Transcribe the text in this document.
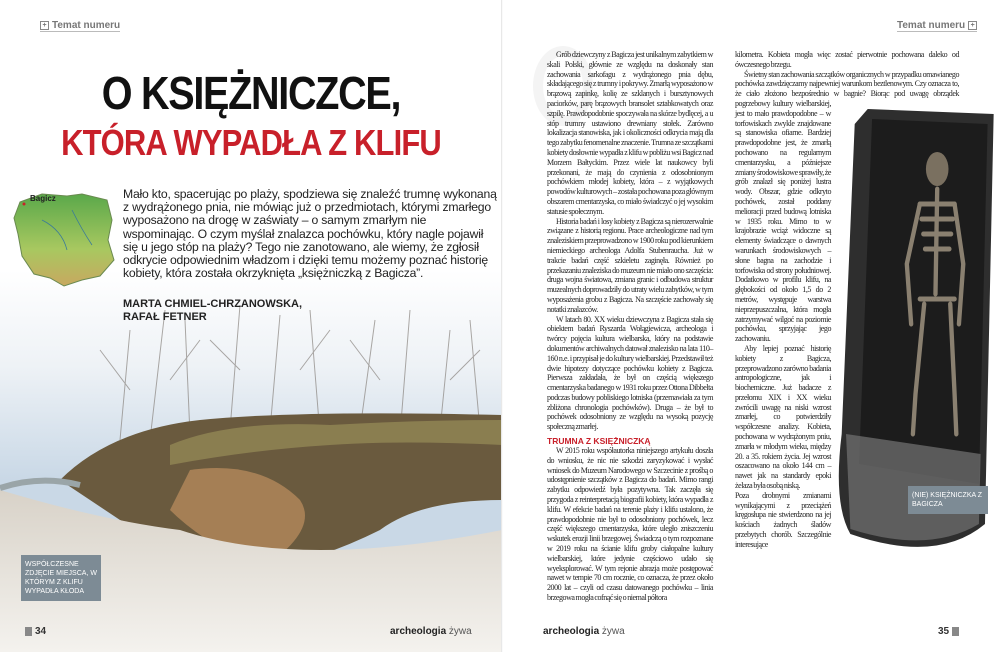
+ Temat numeru
O KSIĘŻNICZCE,
KTÓRA WYPADŁA Z KLIFU
Bagicz	Mało kto, spacerując po plaży, spodziewa się znaleźć trumnę wykonaną z wydrążonego pnia, nie mówiąc już o przedmiotach, którymi zmarłego wyposażono na drogę w zaświaty – o samym zmarłym nie wspominając. O czym myślał znalazca pochówku, który nagle pojawił się u jego stóp na plaży? Tego nie zanotowano, ale wiemy, że zgłosił odkrycie odpowiednim władzom i dzięki temu możemy poznać historię kobiety, która została okrzyknięta „księżniczką z Bagicza”.

MARTA CHMIEL-CHRZANOWSKA,
RAFAŁ FETNER
WSPÓŁCZESNE ZDJĘCIE MIEJSCA, W KTÓRYM Z KLIFU WYPADŁA KŁODA
34	archeologia żywa
Temat numeru +

Grób dziewczyny z Bagicza jest unikalnym zabytkiem w skali Polski, głównie ze względu na doskonały stan zachowania sarkofagu z wydrążonego pnia dębu, składającego się z trumny i pokrywy. Zmarłą wyposażono w brązową zapinkę, kolię ze szklanych i bursztynowych paciorków, parę brązowych bransolet sztabkowatych oraz szpilę. Prawdopodobnie spoczywała na skórze bydlęcej, a u stóp trumny ustawiono drewniany stołek. Zarówno lokalizacja stanowiska, jak i okoliczności odkrycia mają dla tego zabytku fenomenalne znaczenie. Trumna ze szczątkami kobiety dosłownie wypadła z klifu w pobliżu wsi Bagicz nad Morzem Bałtyckim. Przez wiele lat naukowcy byli przekonani, że mają do czynienia z odosobnionym pochówkiem młodej kobiety, która – z wyjątkowych powodów kulturowych – została pochowana poza głównym obszarem cmentarzyska, co miało świadczyć o jej wysokim statusie społecznym.

Historia badań i losy kobiety z Bagicza są nierozerwalnie związane z historią regionu. Prace archeologiczne nad tym znaleziskiem przeprowadzono w 1900 roku pod kierunkiem niemieckiego archeologa Adolfa Stubenraucha. Już w trakcie badań część szkieletu zaginęła. Również po przekazaniu znaleziska do muzeum nie miało ono szczęścia: druga wojna światowa, zmiana granic i odbudowa struktur muzealnych doprowadziły do utraty wielu zabytków, w tym wyposażenia grobu z Bagicza. Na szczęście zachowały się notatki znalazców.

W latach 80. XX wieku dziewczyna z Bagicza stała się obiektem badań Ryszarda Wołągiewicza, archeologa i twórcy pojęcia kultura wielbarska, który na podstawie dokumentów archiwalnych datował znalezisko na lata 110–160 n.e. i przypisał je do kultury wielbarskiej. Przedstawił też dwie hipotezy dotyczące pochówku kobiety z Bagicza. Pierwsza zakładała, że był on częścią większego cmentarzyska badanego w 1931 roku przez Ottona Dibbelta podczas budowy pobliskiego lotniska (przemawiała za tym zbliżona chronologia pochówków). Druga – że był to pochówek odosobniony ze względu na wysoką pozycję społeczną zmarłej.

TRUMNA Z KSIĘŻNICZKĄ

W 2015 roku współautorka niniejszego artykułu doszła do wniosku, że nic nie szkodzi zaryzykować i wysłać wniosek do Muzeum Narodowego w Szczecinie z prośbą o udostępnienie szczątków z Bagicza do badań. Mimo rangi zabytku odpowiedź była pozytywna. Tak zaczęła się przygoda z reinterpretacją biografii kobiety, która wypadła z klifu. W efekcie badań na terenie plaży i klifu ustalono, że prawdopodobnie nie był to odosobniony pochówek, lecz część większego cmentarzyska, które uległo zniszczeniu wskutek erozji linii brzegowej. Świadczą o tym rozpoznane w 2019 roku na ścianie klifu groby ciałopalne kultury wielbarskiej, które jedynie częściowo udało się wyeksplorować. W tym rejonie abrazja może postępować nawet w tempie 70 cm rocznie, co oznacza, że przez około 2000 lat – czyli od czasu datowanego pochówku – linia brzegowa mogła cofnąć się o niemal półtora

kilometra. Kobieta mogła więc zostać pierwotnie pochowana daleko od ówczesnego brzegu.

Świetny stan zachowania szczątków organicznych w przypadku omawianego pochówka zawdzięczamy najpewniej warunkom beztlenowym. Czy oznacza to, że ciało złożono bezpośrednio w bagnie? Biorąc pod uwagę obrządek pogrzebowy kultury wielbarskiej, jest to mało prawdopodobne – w torfowiskach zwykle znajdowane są stanowiska ofiarne. Bardziej prawdopodobne jest, że zmarłą pochowano na regularnym cmentarzysku, a późniejsze zmiany środowiskowe sprawiły, że grób znalazł się poniżej lustra wody. Obszar, gdzie odkryto pochówek, został poddany melioracji przed budową lotniska w 1935 roku. Mimo to w krajobrazie wciąż widoczne są elementy świadczące o dawnych warunkach środowiskowych – słone bagna na zachodzie i torfowiska od strony południowej. Dodatkowo w profilu klifu, na głębokości od około 1,5 do 2 metrów, występuje warstwa nieprzepuszczalna, która mogła zatrzymywać wilgoć na poziomie pochówku, sprzyjając jego zachowaniu.

Aby lepiej poznać historię kobiety z Bagicza, przeprowadzono zarówno badania antropologiczne, jak i biochemiczne. Już badacze z przełomu XIX i XX wieku zwrócili uwagę na niski wzrost zmarłej, co potwierdziły współczesne analizy. Kobieta, pochowana w wydrążonym pniu, zmarła w młodym wieku, między 20. a 35. rokiem życia. Jej wzrost oszacowano na około 144 cm – nawet jak na standardy epoki żelaza była osobą niską.

Poza drobnymi zmianami wynikającymi z przeciążeń kręgosłupa nie stwierdzono na jej kościach żadnych śladów przebytych chorób. Szczególnie interesujące

(NIE) KSIĘŻNICZKA Z BAGICZA
archeologia żywa	35
